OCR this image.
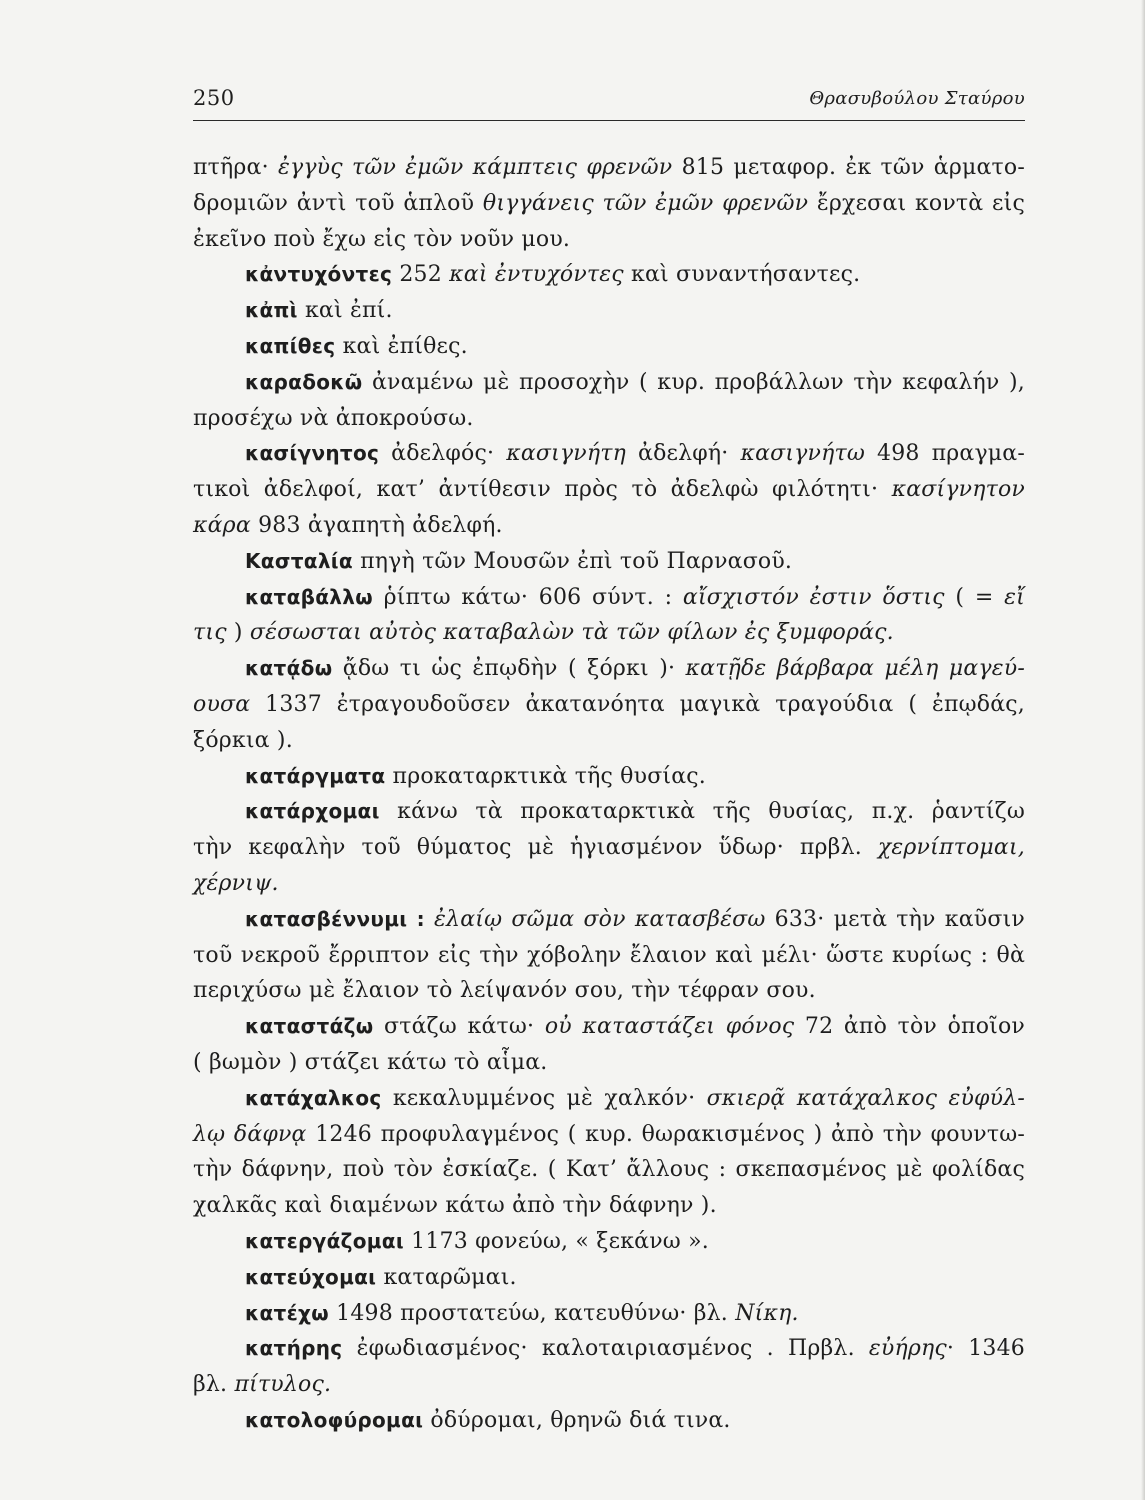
250	Θρασυβούλου Σταύρου
πτῆρα· ἐγγὺς τῶν ἐμῶν κάμπτεις φρενῶν 815 μεταφορ. ἐκ τῶν ἁρματο-
δρομιῶν ἀντὶ τοῦ ἁπλοῦ θιγγάνεις τῶν ἐμῶν φρενῶν ἔρχεσαι κοντὰ εἰς
ἐκεῖνο ποὺ ἔχω εἰς τὸν νοῦν μου.
κἀντυχόντες 252 καὶ ἐντυχόντες καὶ συναντήσαντες.
κἀπὶ καὶ ἐπί.
καπίθες καὶ ἐπίθες.
καραδοκῶ ἀναμένω μὲ προσοχὴν ( κυρ. προβάλλων τὴν κεφαλήν ),
προσέχω νὰ ἀποκρούσω.
κασίγνητος ἀδελφός· κασιγνήτη ἀδελφή· κασιγνήτω 498 πραγμα-
τικοὶ ἀδελφοί, κατ’ ἀντίθεσιν πρὸς τὸ ἀδελφὼ φιλότητι· κασίγνητον
κάρα 983 ἀγαπητὴ ἀδελφή.
Κασταλία πηγὴ τῶν Μουσῶν ἐπὶ τοῦ Παρνασοῦ.
καταβάλλω ῥίπτω κάτω· 606 σύντ. : αἴσχιστόν ἐστιν ὅστις ( = εἴ
τις ) σέσωσται αὐτὸς καταβαλὼν τὰ τῶν φίλων ἐς ξυμφοράς.
κατᾴδω ᾄδω τι ὡς ἐπῳδὴν ( ξόρκι )· κατῇδε βάρβαρα μέλη μαγεύ-
ουσα 1337 ἐτραγουδοῦσεν ἀκατανόητα μαγικὰ τραγούδια ( ἐπῳδάς,
ξόρκια ).
κατάργματα προκαταρκτικὰ τῆς θυσίας.
κατάρχομαι κάνω τὰ προκαταρκτικὰ τῆς θυσίας, π.χ. ῥαντίζω
τὴν κεφαλὴν τοῦ θύματος μὲ ἡγιασμένον ὕδωρ· πρβλ. χερνίπτομαι,
χέρνιψ.
κατασβέννυμι : ἐλαίῳ σῶμα σὸν κατασβέσω 633· μετὰ τὴν καῦσιν
τοῦ νεκροῦ ἔρριπτον εἰς τὴν χόβολην ἔλαιον καὶ μέλι· ὥστε κυρίως : θὰ
περιχύσω μὲ ἔλαιον τὸ λείψανόν σου, τὴν τέφραν σου.
καταστάζω στάζω κάτω· οὐ καταστάζει φόνος 72 ἀπὸ τὸν ὁποῖον
( βωμὸν ) στάζει κάτω τὸ αἷμα.
κατάχαλκος κεκαλυμμένος μὲ χαλκόν· σκιερᾷ κατάχαλκος εὐφύλ-
λῳ δάφνᾳ 1246 προφυλαγμένος ( κυρ. θωρακισμένος ) ἀπὸ τὴν φουντω-
τὴν δάφνην, ποὺ τὸν ἐσκίαζε. ( Κατ’ ἄλλους : σκεπασμένος μὲ φολίδας
χαλκᾶς καὶ διαμένων κάτω ἀπὸ τὴν δάφνην ).
κατεργάζομαι 1173 φονεύω, « ξεκάνω ».
κατεύχομαι καταρῶμαι.
κατέχω 1498 προστατεύω, κατευθύνω· βλ. Νίκη.
κατήρης ἐφωδιασμένος· καλοταιριασμένος . Πρβλ. εὐήρης· 1346
βλ. πίτυλος.
κατολοφύρομαι ὀδύρομαι, θρηνῶ διά τινα.
